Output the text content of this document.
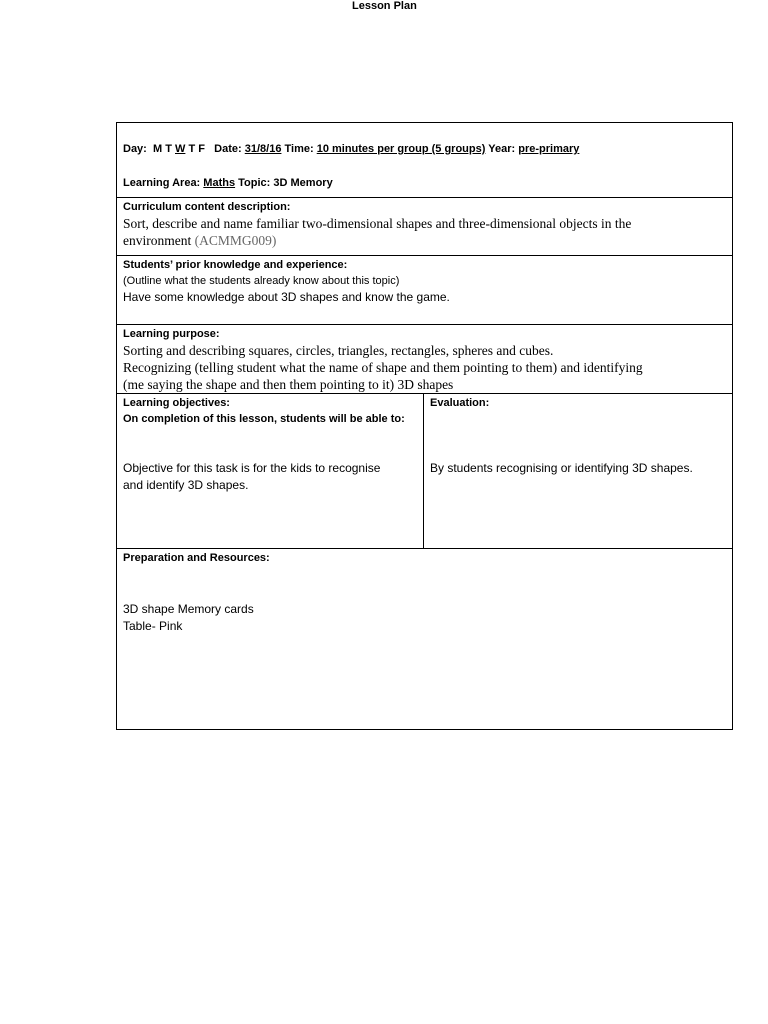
Lesson Plan
Day: M T W T F Date: 31/8/16 Time: 10 minutes per group (5 groups) Year: pre-primary
Learning Area: Maths Topic: 3D Memory

Curriculum content description:
Sort, describe and name familiar two-dimensional shapes and three-dimensional objects in the
environment (ACMMG009)

Students’ prior knowledge and experience:
(Outline what the students already know about this topic)
Have some knowledge about 3D shapes and know the game.

Learning purpose:
Sorting and describing squares, circles, triangles, rectangles, spheres and cubes.
Recognizing (telling student what the name of shape and them pointing to them) and identifying
(me saying the shape and then them pointing to it) 3D shapes

Learning objectives:
On completion of this lesson, students will be able to:
Objective for this task is for the kids to recognise
and identify 3D shapes.

Evaluation:
By students recognising or identifying 3D shapes.

Preparation and Resources:
3D shape Memory cards
Table- Pink
